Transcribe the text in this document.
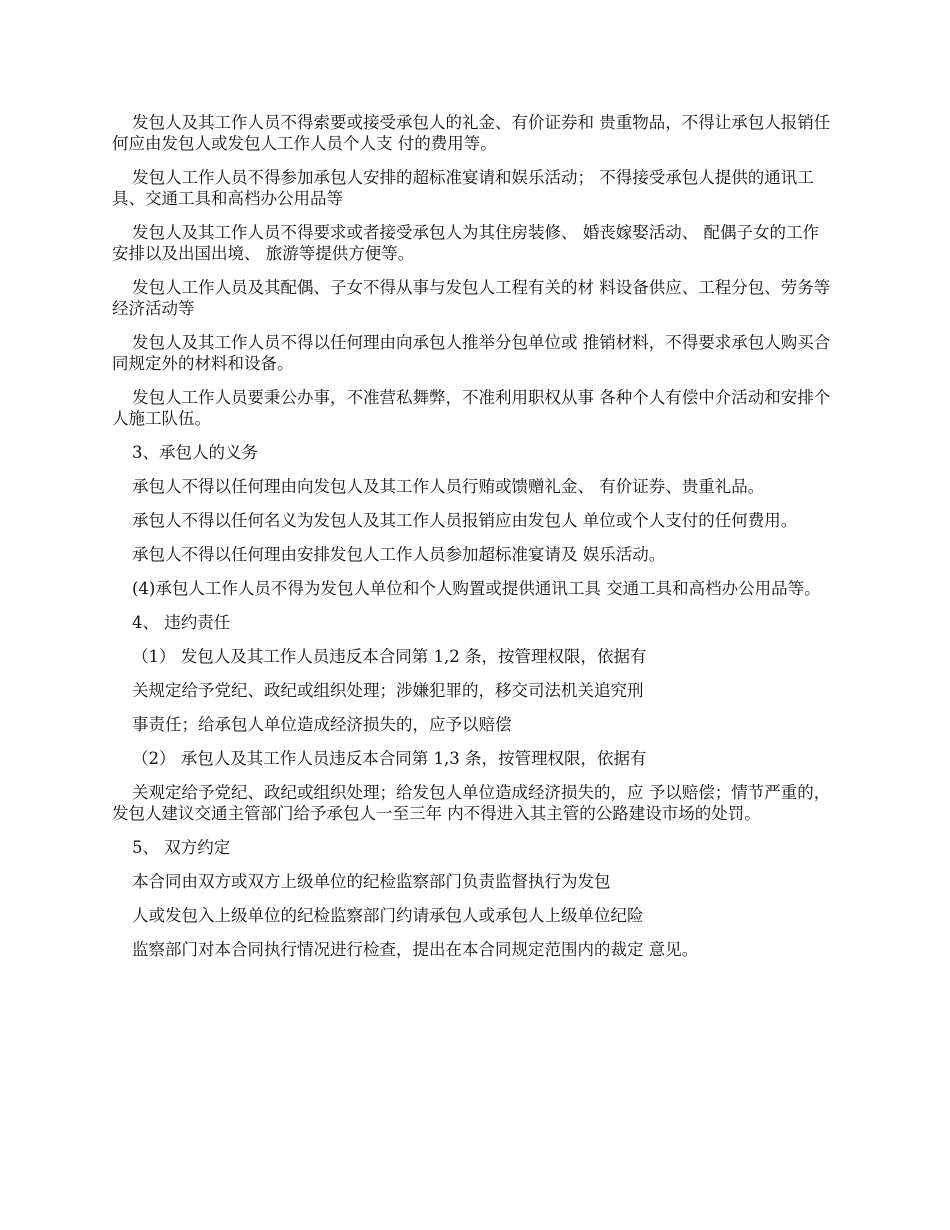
发包人及其工作人员不得索要或接受承包人的礼金、有价证券和 贵重物品，不得让承包人报销任何应由发包人或发包人工作人员个人支 付的费用等。

发包人工作人员不得参加承包人安排的超标准宴请和娱乐活动； 不得接受承包人提供的通讯工具、交通工具和高档办公用品等

发包人及其工作人员不得要求或者接受承包人为其住房装修、 婚丧嫁娶活动、 配偶子女的工作安排以及出国出境、 旅游等提供方便等。

发包人工作人员及其配偶、子女不得从事与发包人工程有关的材 料设备供应、工程分包、劳务等经济活动等

发包人及其工作人员不得以任何理由向承包人推举分包单位或 推销材料，不得要求承包人购买合同规定外的材料和设备。

发包人工作人员要秉公办事，不准营私舞弊，不准利用职权从事 各种个人有偿中介活动和安排个人施工队伍。

3、承包人的义务

承包人不得以任何理由向发包人及其工作人员行贿或馈赠礼金、 有价证券、贵重礼品。

承包人不得以任何名义为发包人及其工作人员报销应由发包人 单位或个人支付的任何费用。

承包人不得以任何理由安排发包人工作人员参加超标准宴请及 娱乐活动。

(4)承包人工作人员不得为发包人单位和个人购置或提供通讯工具 交通工具和高档办公用品等。

4、 违约责任

（1） 发包人及其工作人员违反本合同第 1,2 条，按管理权限，依据有

关规定给予党纪、政纪或组织处理；涉嫌犯罪的，移交司法机关追究刑

事责任；给承包人单位造成经济损失的，应予以赔偿

（2） 承包人及其工作人员违反本合同第 1,3 条，按管理权限，依据有

关观定给予党纪、政纪或组织处理；给发包人单位造成经济损失的，应 予以赔偿；情节严重的，发包人建议交通主管部门给予承包人一至三年 内不得进入其主管的公路建设市场的处罚。

5、 双方约定

本合同由双方或双方上级单位的纪检监察部门负责监督执行为发包

人或发包入上级单位的纪检监察部门约请承包人或承包人上级单位纪险

监察部门对本合同执行情况进行检查，提出在本合同规定范围内的裁定 意见。
